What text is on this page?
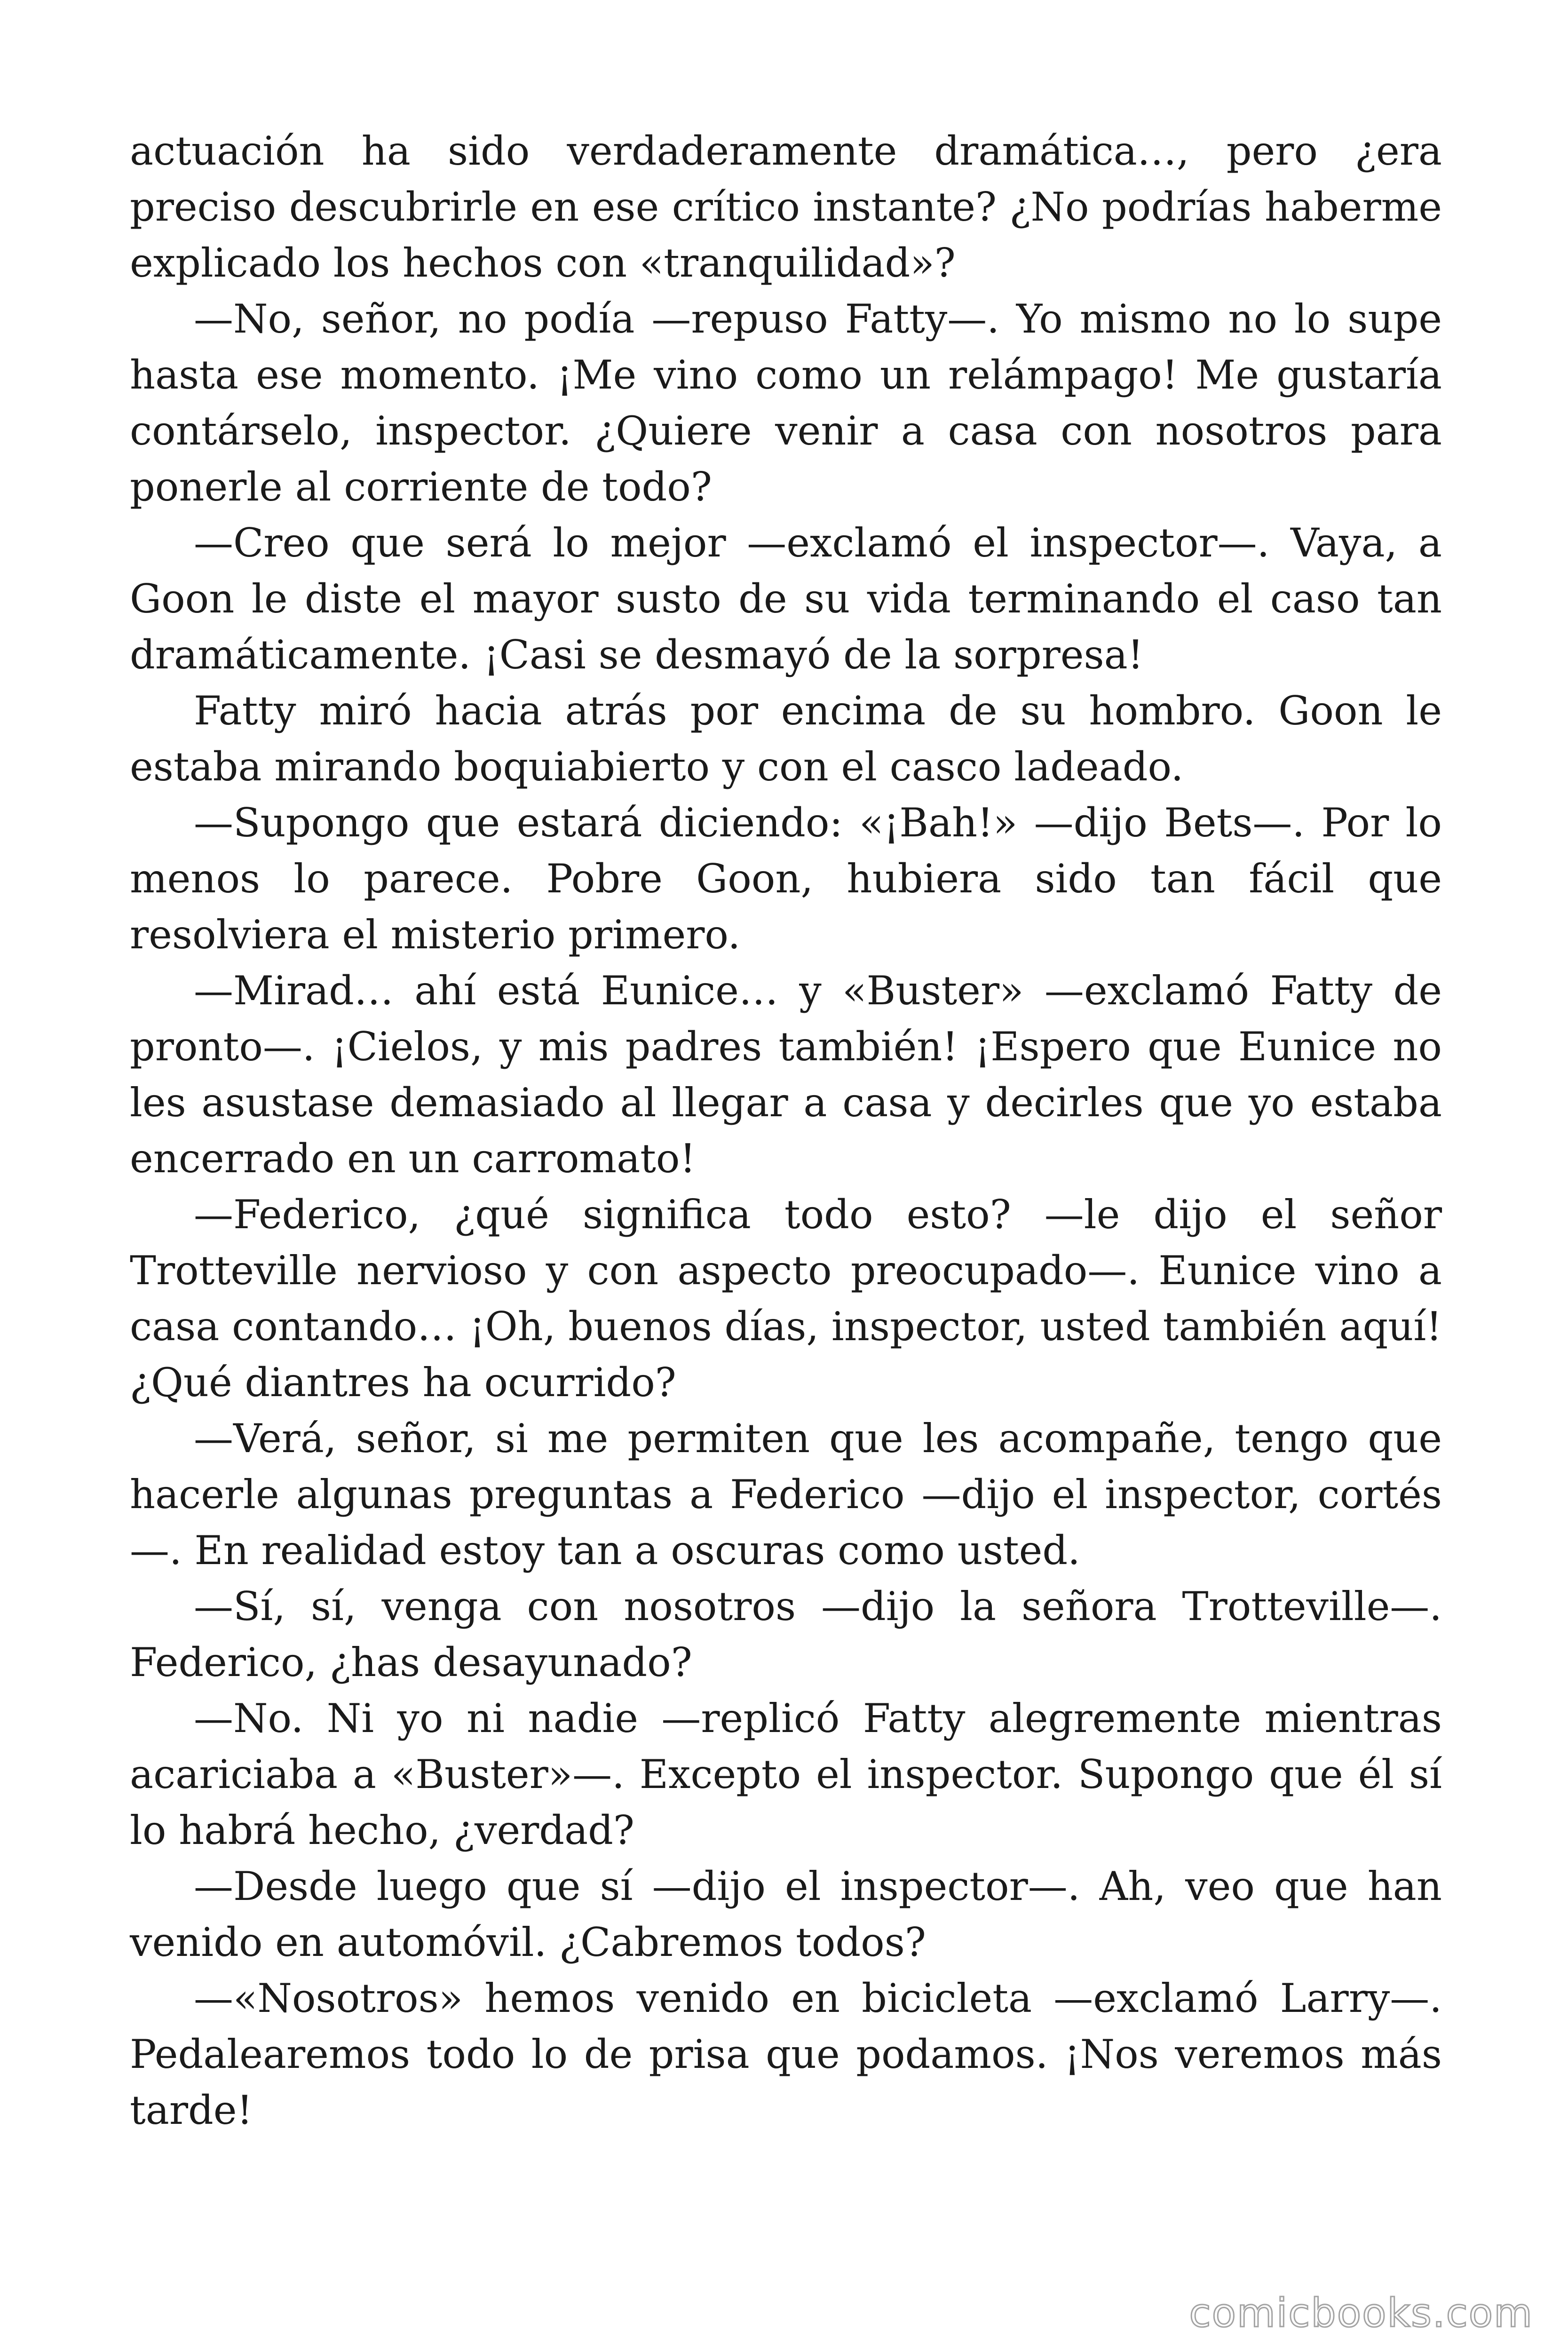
actuación ha sido verdaderamente dramática…, pero ¿era preciso descubrirle en ese crítico instante? ¿No podrías haberme explicado los hechos con «tranquilidad»?

—No, señor, no podía —repuso Fatty—. Yo mismo no lo supe hasta ese momento. ¡Me vino como un relámpago! Me gustaría contárselo, inspector. ¿Quiere venir a casa con nosotros para ponerle al corriente de todo?

—Creo que será lo mejor —exclamó el inspector—. Vaya, a Goon le diste el mayor susto de su vida terminando el caso tan dramáticamente. ¡Casi se desmayó de la sorpresa!

Fatty miró hacia atrás por encima de su hombro. Goon le estaba mirando boquiabierto y con el casco ladeado.

—Supongo que estará diciendo: «¡Bah!» —dijo Bets—. Por lo menos lo parece. Pobre Goon, hubiera sido tan fácil que resolviera el misterio primero.

—Mirad… ahí está Eunice… y «Buster» —exclamó Fatty de pronto—. ¡Cielos, y mis padres también! ¡Espero que Eunice no les asustase demasiado al llegar a casa y decirles que yo estaba encerrado en un carromato!

—Federico, ¿qué significa todo esto? —le dijo el señor Trotteville nervioso y con aspecto preocupado—. Eunice vino a casa contando… ¡Oh, buenos días, inspector, usted también aquí! ¿Qué diantres ha ocurrido?

—Verá, señor, si me permiten que les acompañe, tengo que hacerle algunas preguntas a Federico —dijo el inspector, cortés—. En realidad estoy tan a oscuras como usted.

—Sí, sí, venga con nosotros —dijo la señora Trotteville—. Federico, ¿has desayunado?

—No. Ni yo ni nadie —replicó Fatty alegremente mientras acariciaba a «Buster»—. Excepto el inspector. Supongo que él sí lo habrá hecho, ¿verdad?

—Desde luego que sí —dijo el inspector—. Ah, veo que han venido en automóvil. ¿Cabremos todos?

—«Nosotros» hemos venido en bicicleta —exclamó Larry—. Pedalearemos todo lo de prisa que podamos. ¡Nos veremos más tarde!

comicbooks.com
